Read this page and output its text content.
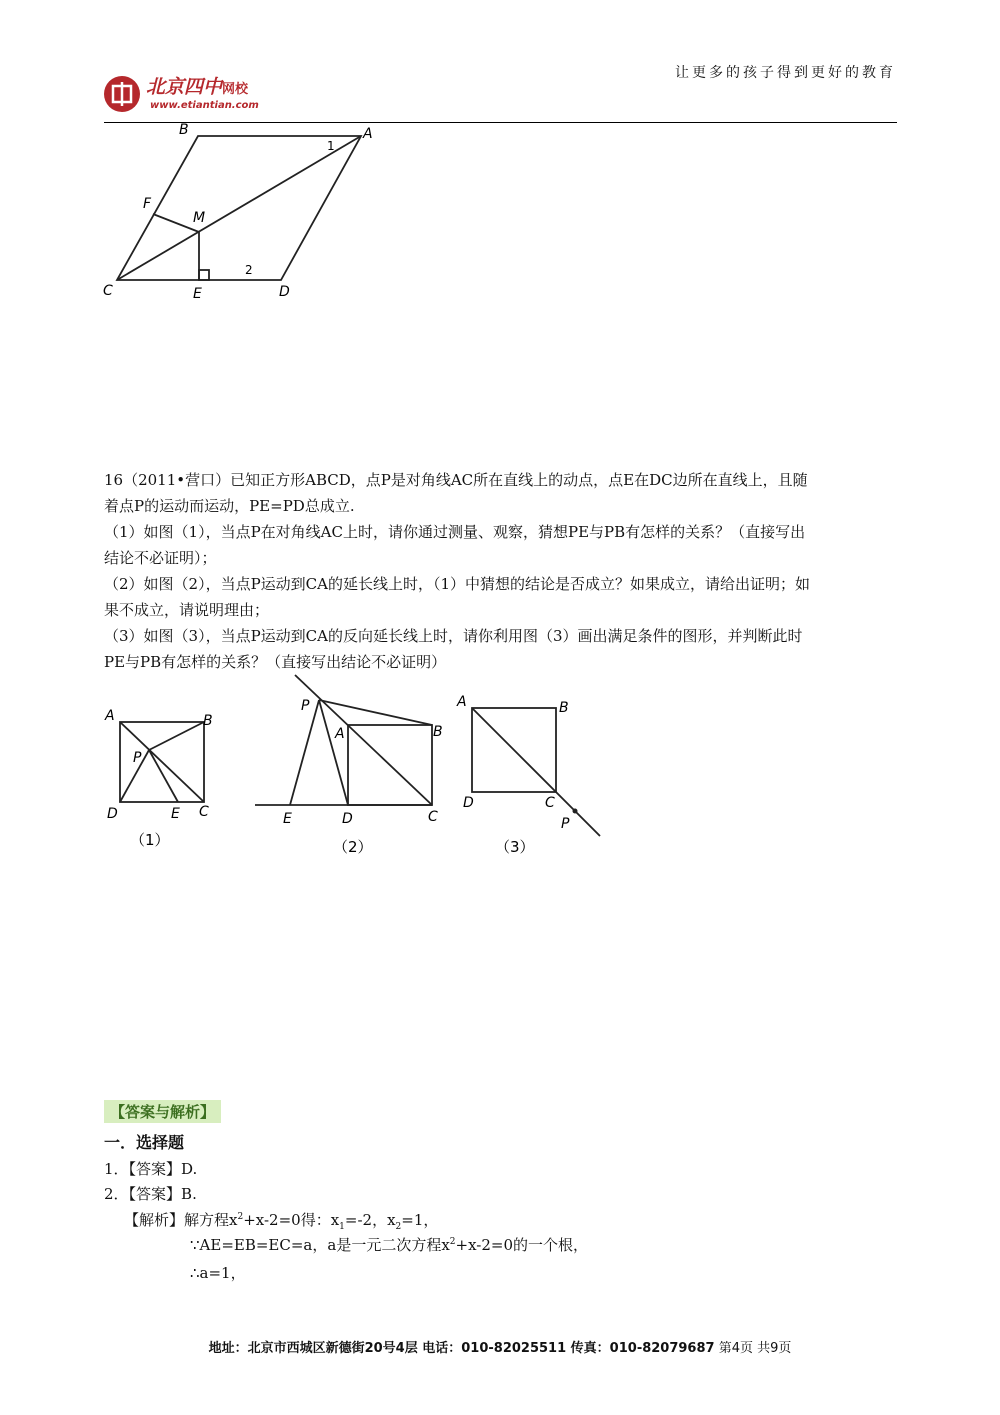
北京四中网校
www.etiantian.com
让更多的孩子得到更好的教育
B	A
1
F
M
2
C	E	D
16（2011•营口）已知正方形ABCD，点P是对角线AC所在直线上的动点，点E在DC边所在直线上，且随
着点P的运动而运动，PE=PD总成立.
（1）如图（1），当点P在对角线AC上时，请你通过测量、观察，猜想PE与PB有怎样的关系？（直接写出
结论不必证明）；
（2）如图（2），当点P运动到CA的延长线上时，（1）中猜想的结论是否成立？如果成立，请给出证明；如
果不成立，请说明理由；
（3）如图（3），当点P运动到CA的反向延长线上时，请你利用图（3）画出满足条件的图形，并判断此时
PE与PB有怎样的关系？（直接写出结论不必证明）
A	B
P
D	E C
（1）
P
A	B
E	D	C
（2）
A	B
D	C
P
（3）
【答案与解析】
一．选择题
1．【答案】D.
2．【答案】B.
【解析】解方程$x^2+x-2=0$得：$x_1=-2$，$x_2=1$，
∵AE=EB=EC=a，a是一元二次方程$x^2+x-2=0$的一个根，
∴a=1，
地址：北京市西城区新德街20号4层 电话：010-82025511 传真：010-82079687 第4页 共9页
